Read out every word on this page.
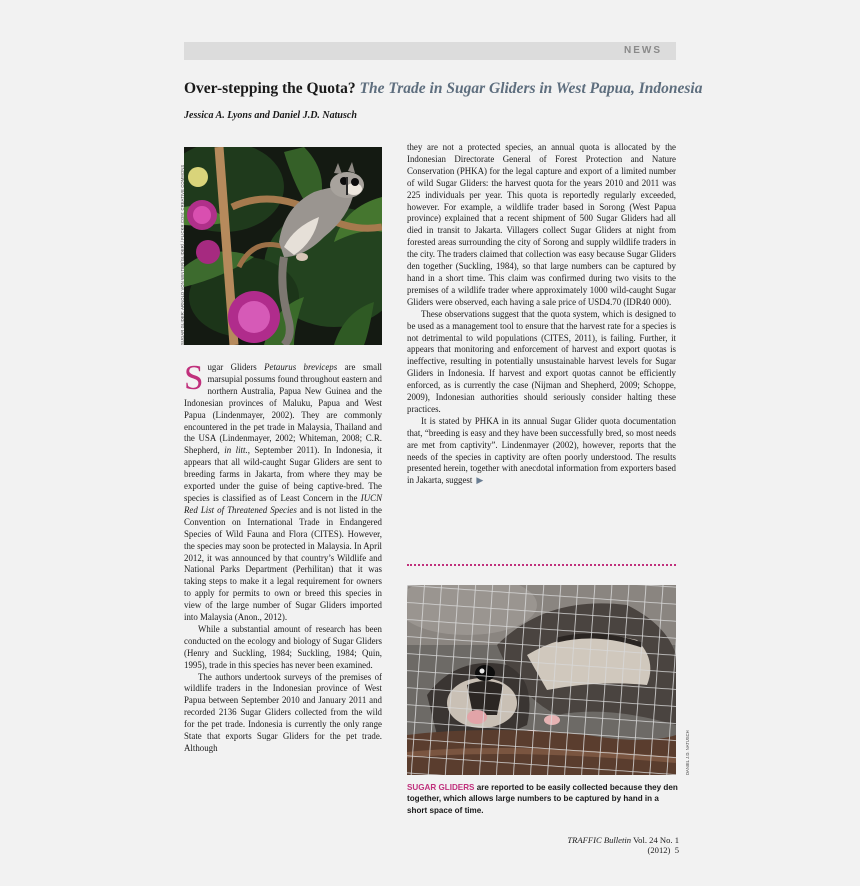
NEWS
Over-stepping the Quota? The Trade in Sugar Gliders in West Papua, Indonesia
Jessica A. Lyons and Daniel J.D. Natusch
SUGAR GLIDER: ARNOLD VON WINTER(GLIDER) / FLICKR.COM; CREATIVE COMMONS

Sugar Gliders Petaurus breviceps are small marsupial possums found throughout eastern and northern Australia, Papua New Guinea and the Indonesian provinces of Maluku, Papua and West Papua (Lindenmayer, 2002). They are commonly encountered in the pet trade in Malaysia, Thailand and the USA (Lindenmayer, 2002; Whiteman, 2008; C.R. Shepherd, in litt., September 2011). In Indonesia, it appears that all wild-caught Sugar Gliders are sent to breeding farms in Jakarta, from where they may be exported under the guise of being captive-bred. The species is classified as of Least Concern in the IUCN Red List of Threatened Species and is not listed in the Convention on International Trade in Endangered Species of Wild Fauna and Flora (CITES). However, the species may soon be protected in Malaysia. In April 2012, it was announced by that country’s Wildlife and National Parks Department (Perhilitan) that it was taking steps to make it a legal requirement for owners to apply for permits to own or breed this species in view of the large number of Sugar Gliders imported into Malaysia (Anon., 2012).

While a substantial amount of research has been conducted on the ecology and biology of Sugar Gliders (Henry and Suckling, 1984; Suckling, 1984; Quin, 1995), trade in this species has never been examined.

The authors undertook surveys of the premises of wildlife traders in the Indonesian province of West Papua between September 2010 and January 2011 and recorded 2136 Sugar Gliders collected from the wild for the pet trade. Indonesia is currently the only range State that exports Sugar Gliders for the pet trade. Although

they are not a protected species, an annual quota is allocated by the Indonesian Directorate General of Forest Protection and Nature Conservation (PHKA) for the legal capture and export of a limited number of wild Sugar Gliders: the harvest quota for the years 2010 and 2011 was 225 individuals per year. This quota is reportedly regularly exceeded, however. For example, a wildlife trader based in Sorong (West Papua province) explained that a recent shipment of 500 Sugar Gliders had all died in transit to Jakarta. Villagers collect Sugar Gliders at night from forested areas surrounding the city of Sorong and supply wildlife traders in the city. The traders claimed that collection was easy because Sugar Gliders den together (Suckling, 1984), so that large numbers can be captured by hand in a short time. This claim was confirmed during two visits to the premises of a wildlife trader where approximately 1000 wild-caught Sugar Gliders were observed, each having a sale price of USD4.70 (IDR40 000).

These observations suggest that the quota system, which is designed to be used as a management tool to ensure that the harvest rate for a species is not detrimental to wild populations (CITES, 2011), is failing. Further, it appears that monitoring and enforcement of harvest and export quotas is ineffective, resulting in potentially unsustainable harvest levels for Sugar Gliders in Indonesia. If harvest and export quotas cannot be efficiently enforced, as is currently the case (Nijman and Shepherd, 2009; Schoppe, 2009), Indonesian authorities should seriously consider halting these practices.

It is stated by PHKA in its annual Sugar Glider quota documentation that, “breeding is easy and they have been successfully bred, so most needs are met from captivity”. Lindenmayer (2002), however, reports that the needs of the species in captivity are often poorly understood. The results presented herein, together with anecdotal information from exporters based in Jakarta, suggest ▶

DANIEL J.D. NATUSCH
SUGAR GLIDERS are reported to be easily collected because they den together, which allows large numbers to be captured by hand in a short space of time.
TRAFFIC Bulletin Vol. 24 No. 1 (2012) 5
